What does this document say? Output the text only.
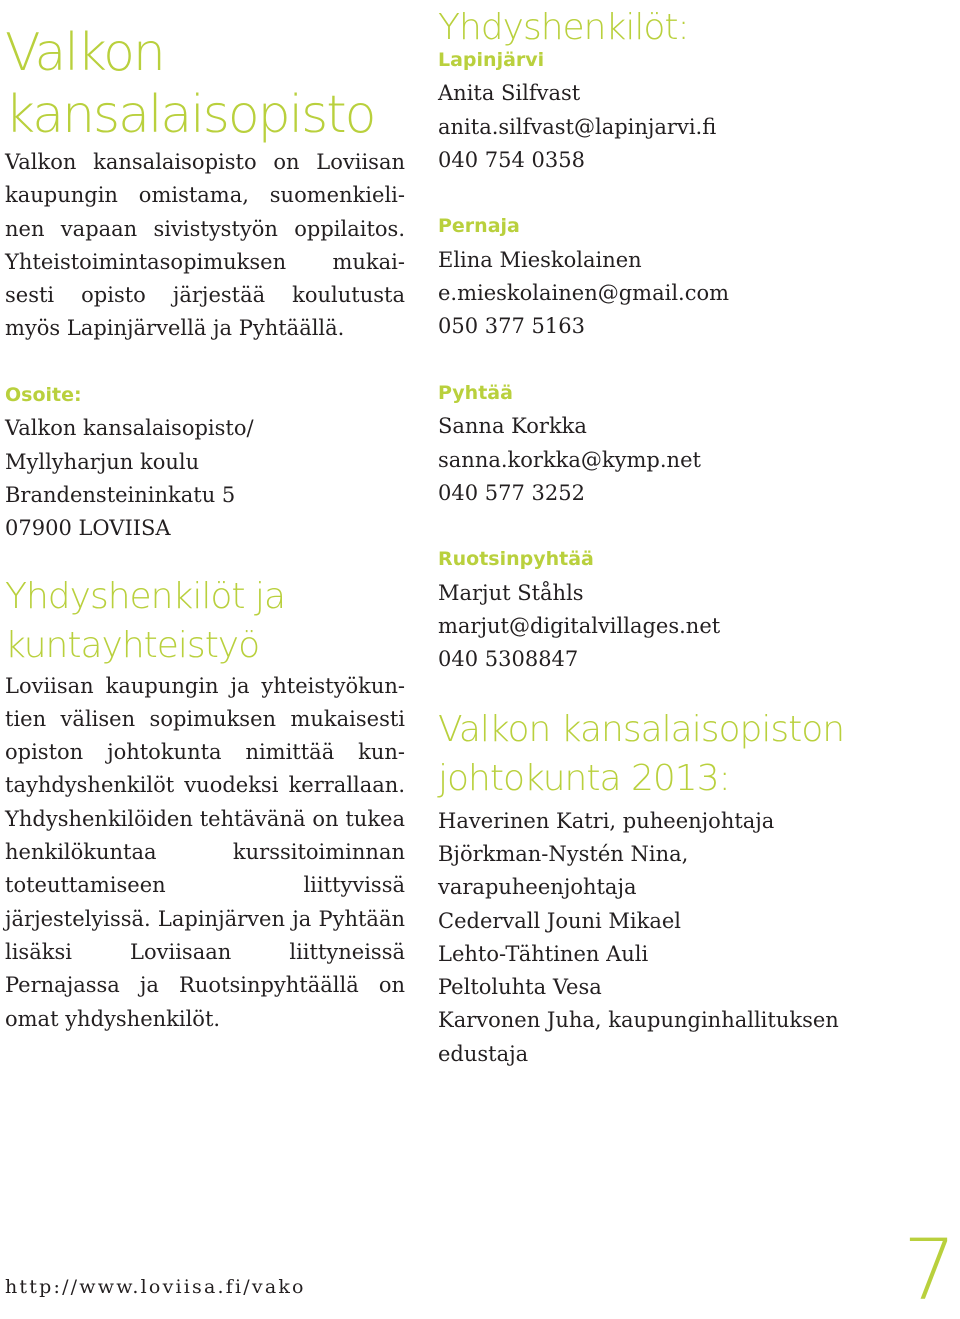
Valkon kansalaisopisto

Valkon kansalaisopisto on Loviisan kaupungin omistama, suomenkielinen vapaan sivistystyön oppilaitos. Yhteistoimintasopimuksen mukaisesti opisto järjestää koulutusta myös Lapinjärvellä ja Pyhtäällä.

Osoite:

Valkon kansalaisopisto/
Myllyharjun koulu
Brandensteininkatu 5
07900 LOVIISA
Yhdyshenkilöt ja kuntayhteistyö

Loviisan kaupungin ja yhteistyökuntien välisen sopimuksen mukaisesti opiston johtokunta nimittää kuntayhdyshenkilöt vuodeksi kerrallaan. Yhdyshenkilöiden tehtävänä on tukea henkilökuntaa kurssitoiminnan toteuttamiseen liittyvissä järjestelyissä. Lapinjärven ja Pyhtään lisäksi Loviisaan liittyneissä Pernajassa ja Ruotsinpyhtäällä on omat yhdyshenkilöt.

Yhdyshenkilöt:

Lapinjärvi

Anita Silfvast
anita.silfvast@lapinjarvi.fi
040 754 0358

Pernaja

Elina Mieskolainen
e.mieskolainen@gmail.com
050 377 5163

Pyhtää

Sanna Korkka
sanna.korkka@kymp.net
040 577 3252

Ruotsinpyhtää

Marjut Ståhls
marjut@digitalvillages.net
040 5308847
Valkon kansalaisopiston johtokunta 2013:
Haverinen Katri, puheenjohtaja
Björkman-Nystén Nina,
varapuheenjohtaja
Cedervall Jouni Mikael
Lehto-Tähtinen Auli
Peltoluhta Vesa
Karvonen Juha, kaupunginhallituksen
edustaja
http://www.loviisa.fi/vako	7
